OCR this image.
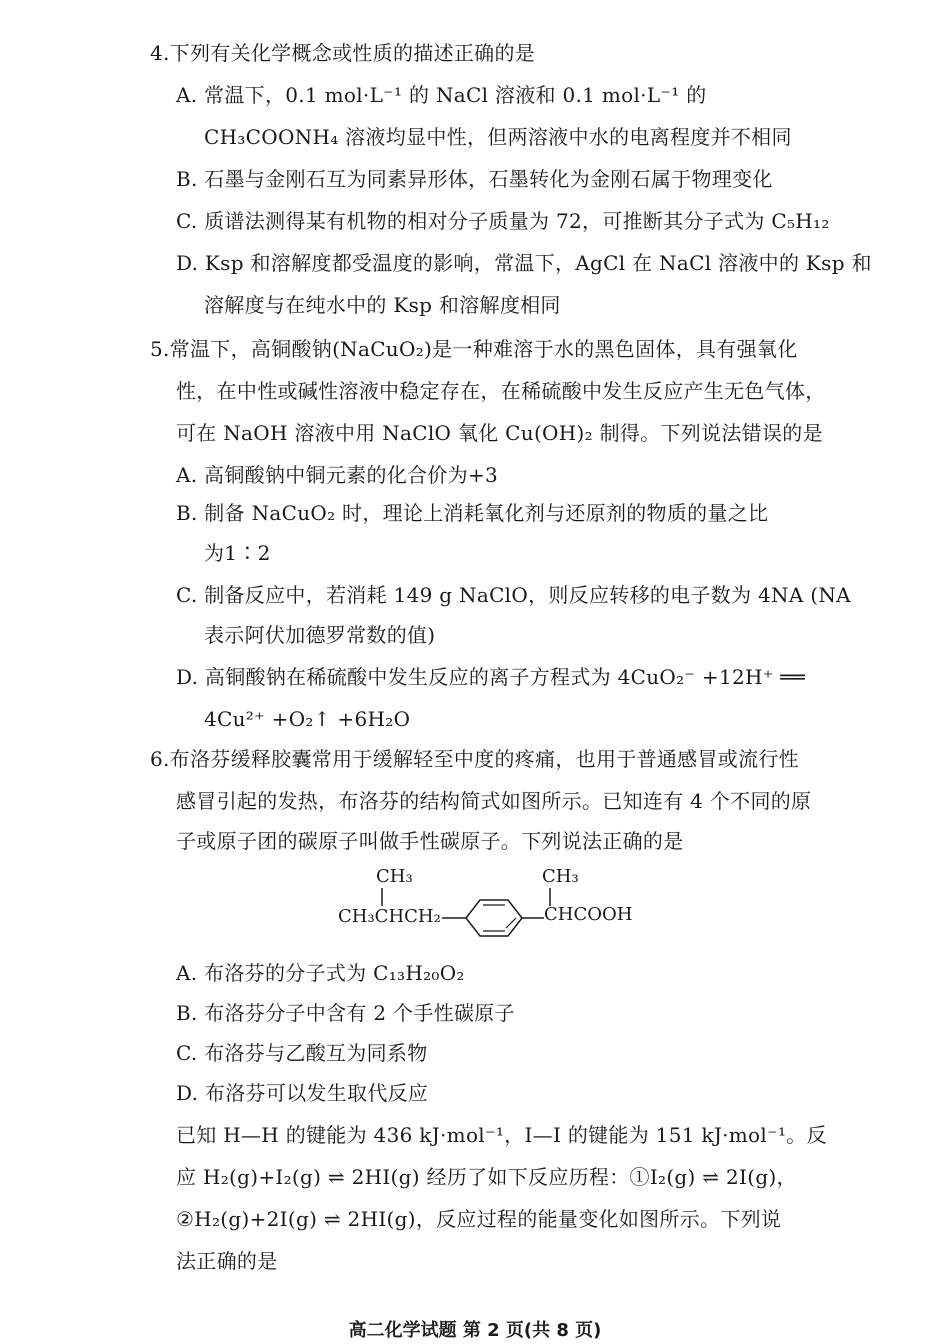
4.下列有关化学概念或性质的描述正确的是
A. 常温下，0.1 mol·L⁻¹ 的 NaCl 溶液和 0.1 mol·L⁻¹ 的
CH₃COONH₄ 溶液均显中性，但两溶液中水的电离程度并不相同
B. 石墨与金刚石互为同素异形体，石墨转化为金刚石属于物理变化
C. 质谱法测得某有机物的相对分子质量为 72，可推断其分子式为 C₅H₁₂
D. Ksp 和溶解度都受温度的影响，常温下，AgCl 在 NaCl 溶液中的 Ksp 和
溶解度与在纯水中的 Ksp 和溶解度相同
5.常温下，高铜酸钠(NaCuO₂)是一种难溶于水的黑色固体，具有强氧化
性，在中性或碱性溶液中稳定存在，在稀硫酸中发生反应产生无色气体，
可在 NaOH 溶液中用 NaClO 氧化 Cu(OH)₂ 制得。下列说法错误的是
A. 高铜酸钠中铜元素的化合价为+3
B. 制备 NaCuO₂ 时，理论上消耗氧化剂与还原剂的物质的量之比
为1∶2
C. 制备反应中，若消耗 149 g NaClO，则反应转移的电子数为 4NA (NA
表示阿伏加德罗常数的值)
D. 高铜酸钠在稀硫酸中发生反应的离子方程式为 4CuO₂⁻ +12H⁺ ══
4Cu²⁺ +O₂↑ +6H₂O
6.布洛芬缓释胶囊常用于缓解轻至中度的疼痛，也用于普通感冒或流行性
感冒引起的发热，布洛芬的结构简式如图所示。已知连有 4 个不同的原
子或原子团的碳原子叫做手性碳原子。下列说法正确的是
CH₃	CH₃
CH₃CHCH₂	CHCOOH
A. 布洛芬的分子式为 C₁₃H₂₀O₂
B. 布洛芬分子中含有 2 个手性碳原子
C. 布洛芬与乙酸互为同系物
D. 布洛芬可以发生取代反应
已知 H—H 的键能为 436 kJ·mol⁻¹，I—I 的键能为 151 kJ·mol⁻¹。反
应 H₂(g)+I₂(g) ⇌ 2HI(g) 经历了如下反应历程：①I₂(g) ⇌ 2I(g)，
②H₂(g)+2I(g) ⇌ 2HI(g)，反应过程的能量变化如图所示。下列说
法正确的是
高二化学试题 第 2 页(共 8 页)
